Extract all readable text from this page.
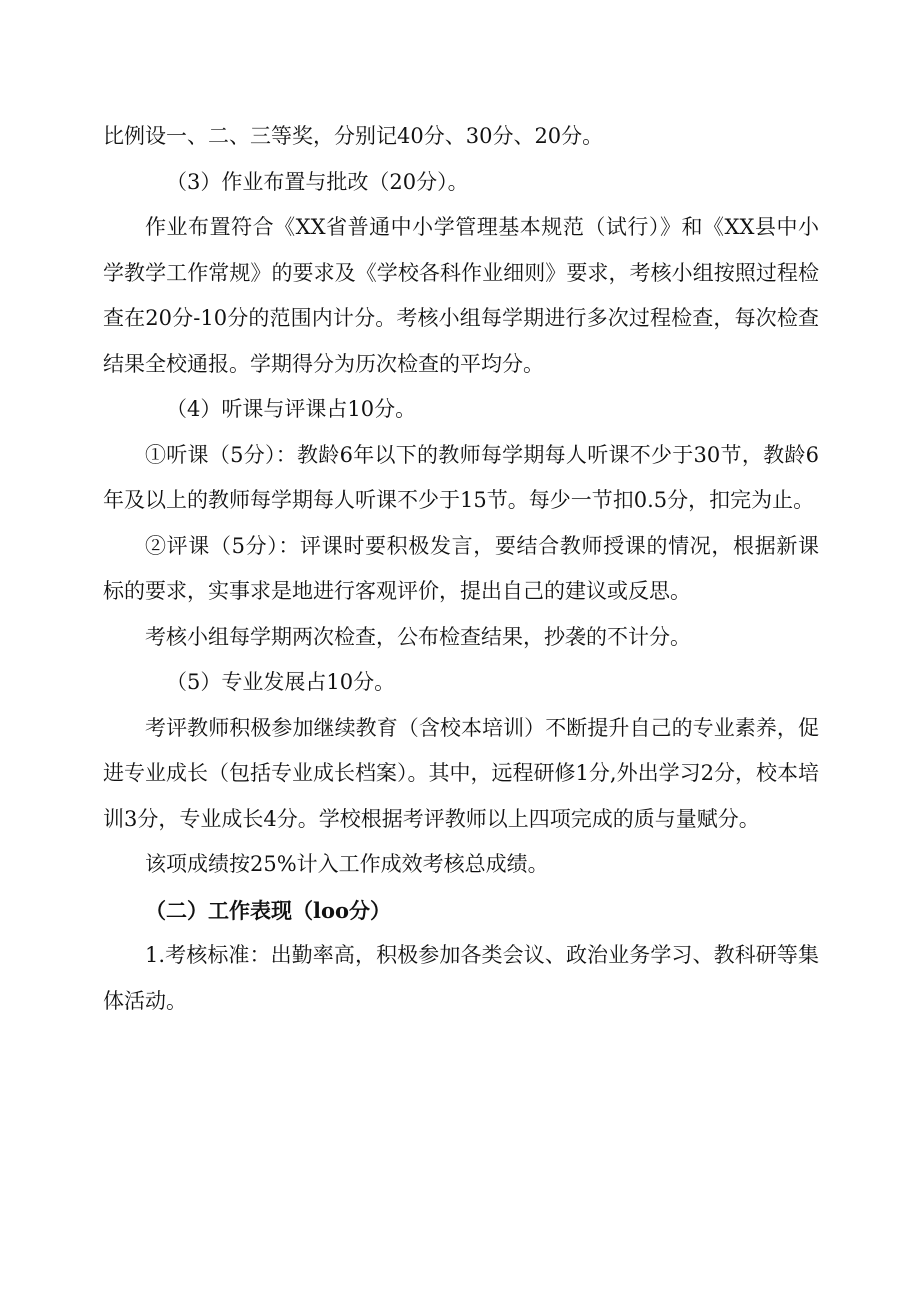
比例设一、二、三等奖，分别记40分、30分、20分。

（3）作业布置与批改（20分）。

作业布置符合《XX省普通中小学管理基本规范（试行）》和《XX县中小学教学工作常规》的要求及《学校各科作业细则》要求，考核小组按照过程检查在20分-10分的范围内计分。考核小组每学期进行多次过程检查，每次检查结果全校通报。学期得分为历次检查的平均分。

（4）听课与评课占10分。

①听课（5分）：教龄6年以下的教师每学期每人听课不少于30节，教龄6年及以上的教师每学期每人听课不少于15节。每少一节扣0.5分，扣完为止。

②评课（5分）：评课时要积极发言，要结合教师授课的情况，根据新课标的要求，实事求是地进行客观评价，提出自己的建议或反思。

考核小组每学期两次检查，公布检查结果，抄袭的不计分。

（5）专业发展占10分。

考评教师积极参加继续教育（含校本培训）不断提升自己的专业素养，促进专业成长（包括专业成长档案）。其中，远程研修1分,外出学习2分，校本培训3分，专业成长4分。学校根据考评教师以上四项完成的质与量赋分。

该项成绩按25%计入工作成效考核总成绩。

（二）工作表现（loo分）

1.考核标准：出勤率高，积极参加各类会议、政治业务学习、教科研等集体活动。
